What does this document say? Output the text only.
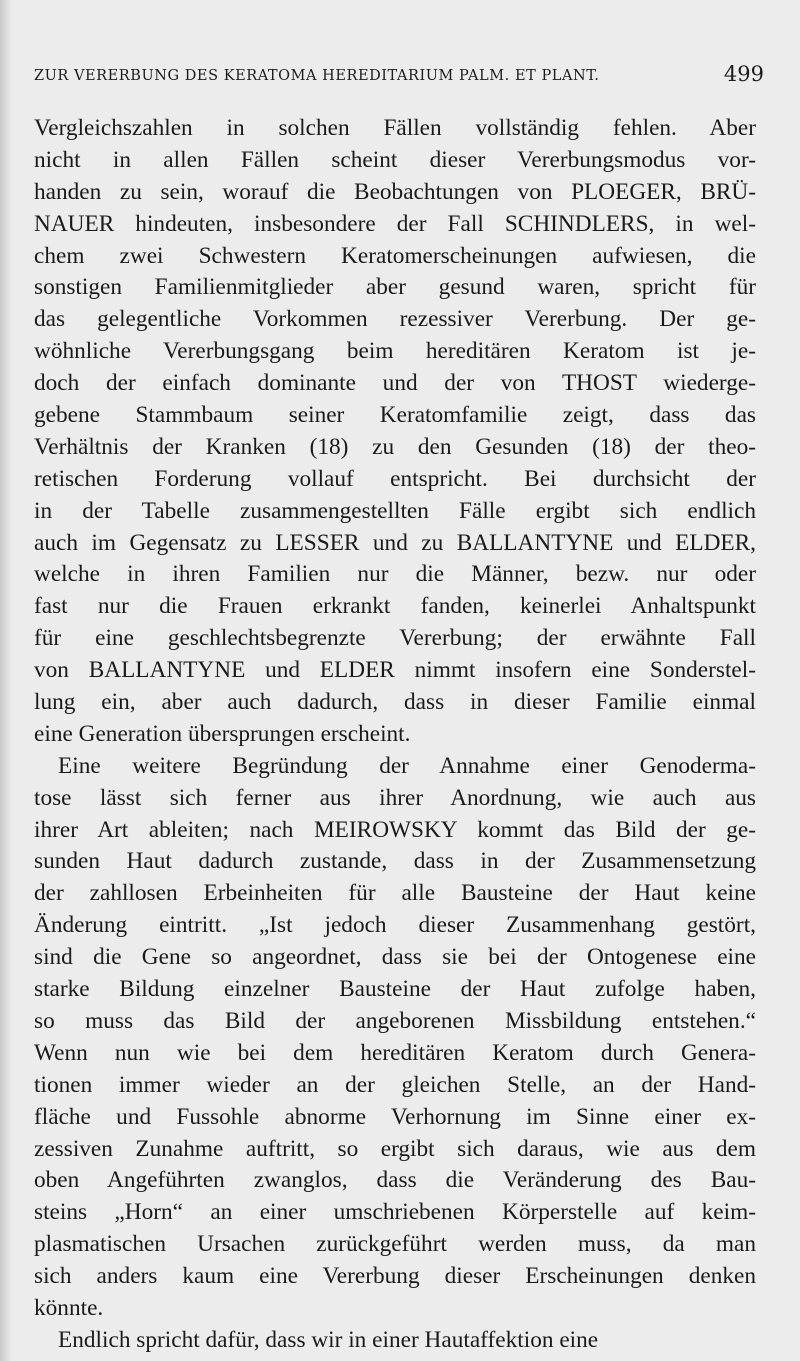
ZUR VERERBUNG DES KERATOMA HEREDITARIUM PALM. ET PLANT.	499
Vergleichszahlen in solchen Fällen vollständig fehlen. Aber
nicht in allen Fällen scheint dieser Vererbungsmodus vor-
handen zu sein, worauf die Beobachtungen von PLOEGER, BRÜ-
NAUER hindeuten, insbesondere der Fall SCHINDLERS, in wel-
chem zwei Schwestern Keratomerscheinungen aufwiesen, die
sonstigen Familienmitglieder aber gesund waren, spricht für
das gelegentliche Vorkommen rezessiver Vererbung. Der ge-
wöhnliche Vererbungsgang beim hereditären Keratom ist je-
doch der einfach dominante und der von THOST wiederge-
gebene Stammbaum seiner Keratomfamilie zeigt, dass das
Verhältnis der Kranken (18) zu den Gesunden (18) der theo-
retischen Forderung vollauf entspricht. Bei durchsicht der
in der Tabelle zusammengestellten Fälle ergibt sich endlich
auch im Gegensatz zu LESSER und zu BALLANTYNE und ELDER,
welche in ihren Familien nur die Männer, bezw. nur oder
fast nur die Frauen erkrankt fanden, keinerlei Anhaltspunkt
für eine geschlechtsbegrenzte Vererbung; der erwähnte Fall
von BALLANTYNE und ELDER nimmt insofern eine Sonderstel-
lung ein, aber auch dadurch, dass in dieser Familie einmal
eine Generation übersprungen erscheint.
Eine weitere Begründung der Annahme einer Genoderma-
tose lässt sich ferner aus ihrer Anordnung, wie auch aus
ihrer Art ableiten; nach MEIROWSKY kommt das Bild der ge-
sunden Haut dadurch zustande, dass in der Zusammensetzung
der zahllosen Erbeinheiten für alle Bausteine der Haut keine
Änderung eintritt. „Ist jedoch dieser Zusammenhang gestört,
sind die Gene so angeordnet, dass sie bei der Ontogenese eine
starke Bildung einzelner Bausteine der Haut zufolge haben,
so muss das Bild der angeborenen Missbildung entstehen.“
Wenn nun wie bei dem hereditären Keratom durch Genera-
tionen immer wieder an der gleichen Stelle, an der Hand-
fläche und Fussohle abnorme Verhornung im Sinne einer ex-
zessiven Zunahme auftritt, so ergibt sich daraus, wie aus dem
oben Angeführten zwanglos, dass die Veränderung des Bau-
steins „Horn“ an einer umschriebenen Körperstelle auf keim-
plasmatischen Ursachen zurückgeführt werden muss, da man
sich anders kaum eine Vererbung dieser Erscheinungen denken
könnte.
Endlich spricht dafür, dass wir in einer Hautaffektion eine
